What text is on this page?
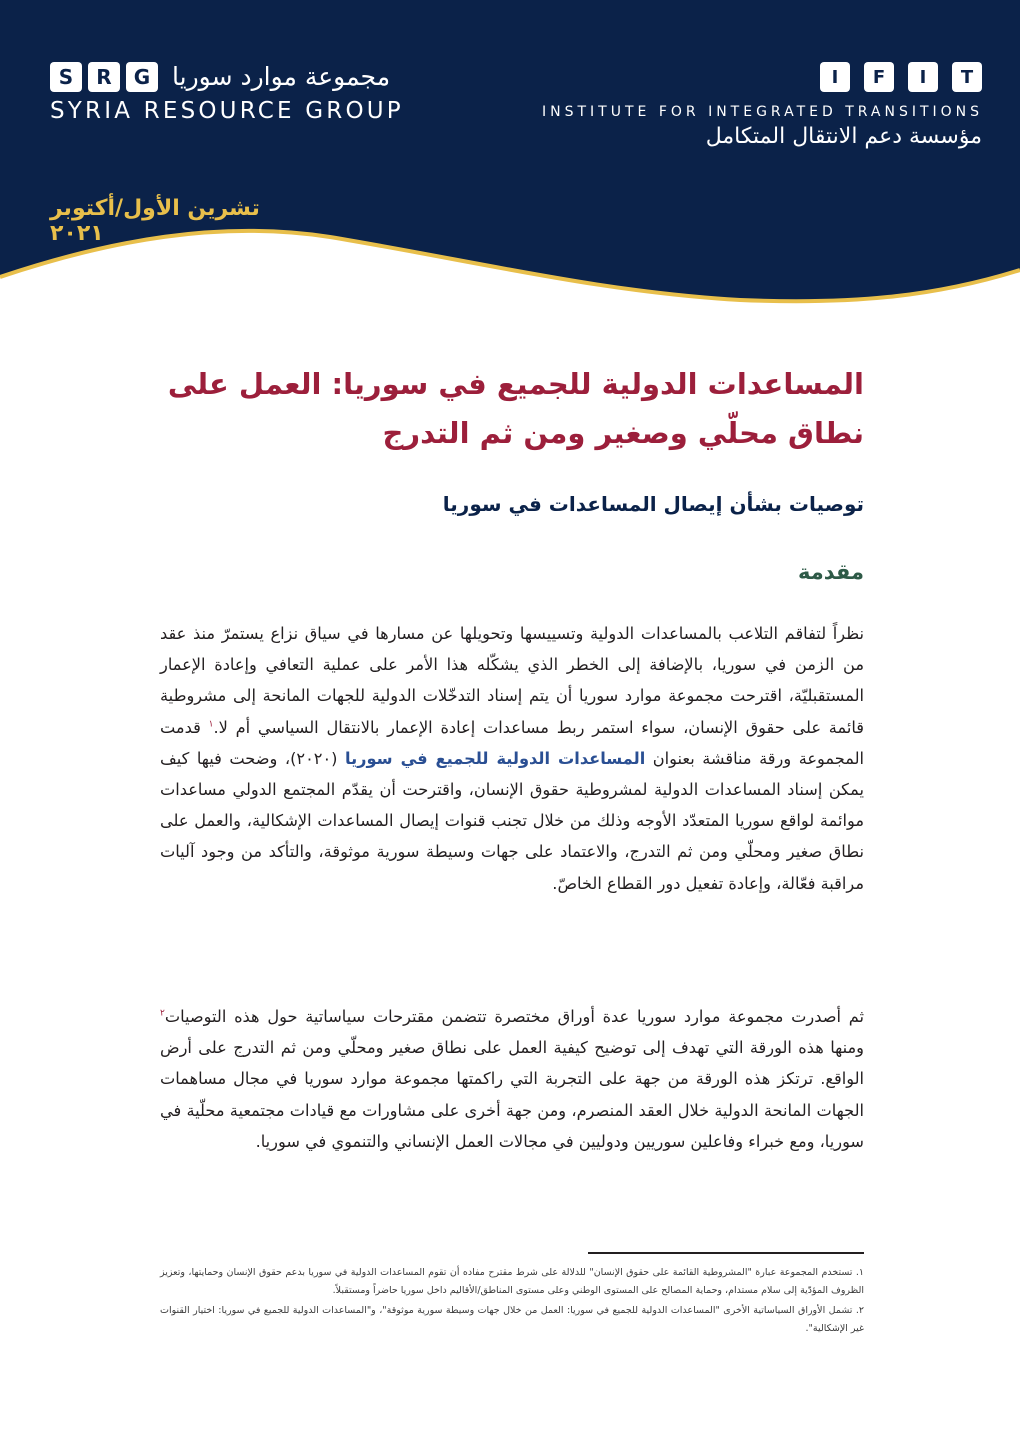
S	R	G مجموعة موارد سوريا
SYRIA RESOURCE GROUP
I	F	I	T
INSTITUTE FOR INTEGRATED TRANSITIONS
مؤسسة دعم الانتقال المتكامل
تشرين الأول/أكتوبر ٢٠٢١
المساعدات الدولية للجميع في سوريا: العمل على نطاق محلّي وصغير ومن ثم التدرج
توصيات بشأن إيصال المساعدات في سوريا
مقدمة

نظراً لتفاقم التلاعب بالمساعدات الدولية وتسييسها وتحويلها عن مسارها في سياق نزاع يستمرّ منذ عقد من الزمن في سوريا، بالإضافة إلى الخطر الذي يشكّله هذا الأمر على عملية التعافي وإعادة الإعمار المستقبليّة، اقترحت مجموعة موارد سوريا أن يتم إسناد التدخّلات الدولية للجهات المانحة إلى مشروطية قائمة على حقوق الإنسان، سواء استمر ربط مساعدات إعادة الإعمار بالانتقال السياسي أم لا.$^١$ قدمت المجموعة ورقة مناقشة بعنوان المساعدات الدولية للجميع في سوريا (٢٠٢٠)، وضحت فيها كيف يمكن إسناد المساعدات الدولية لمشروطية حقوق الإنسان، واقترحت أن يقدّم المجتمع الدولي مساعدات موائمة لواقع سوريا المتعدّد الأوجه وذلك من خلال تجنب قنوات إيصال المساعدات الإشكالية، والعمل على نطاق صغير ومحلّي ومن ثم التدرج، والاعتماد على جهات وسيطة سورية موثوقة، والتأكد من وجود آليات مراقبة فعّالة، وإعادة تفعيل دور القطاع الخاصّ.

ثم أصدرت مجموعة موارد سوريا عدة أوراق مختصرة تتضمن مقترحات سياساتية حول هذه التوصيات$^٢$ ومنها هذه الورقة التي تهدف إلى توضيح كيفية العمل على نطاق صغير ومحلّي ومن ثم التدرج على أرض الواقع. ترتكز هذه الورقة من جهة على التجربة التي راكمتها مجموعة موارد سوريا في مجال مساهمات الجهات المانحة الدولية خلال العقد المنصرم، ومن جهة أخرى على مشاورات مع قيادات مجتمعية محلّية في سوريا، ومع خبراء وفاعلين سوريين ودوليين في مجالات العمل الإنساني والتنموي في سوريا.

١. تستخدم المجموعة عبارة "المشروطية القائمة على حقوق الإنسان" للدلالة على شرط مقترح مفاده أن تقوم المساعدات الدولية في سوريا بدعم حقوق الإنسان وحمايتها، وتعزيز الظروف المؤدّية إلى سلام مستدام، وحماية المصالح على المستوى الوطني وعلى مستوى المناطق/الأقاليم داخل سوريا حاضراً ومستقبلاً.

٢. تشمل الأوراق السياساتية الأخرى "المساعدات الدولية للجميع في سوريا: العمل من خلال جهات وسيطة سورية موثوقة"، و"المساعدات الدولية للجميع في سوريا: اختيار القنوات غير الإشكالية".
